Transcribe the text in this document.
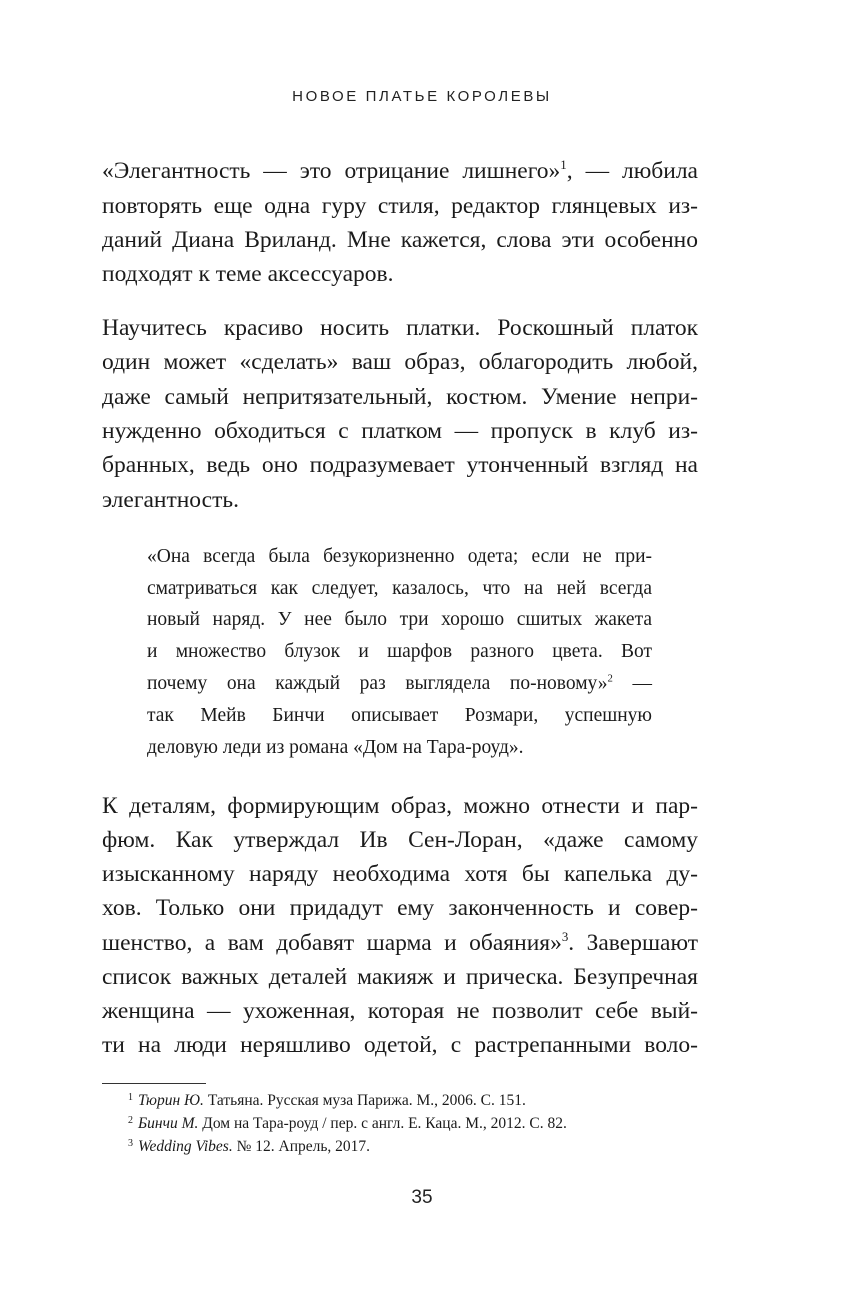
НОВОЕ ПЛАТЬЕ КОРОЛЕВЫ

«Элегантность — это отрицание лишнего»$^1$, — любила

повторять еще одна гуру стиля, редактор глянцевых из-

даний Диана Вриланд. Мне кажется, слова эти особенно

подходят к теме аксессуаров.

Научитесь красиво носить платки. Роскошный платок

один может «сделать» ваш образ, облагородить любой,

даже самый непритязательный, костюм. Умение непри-

нужденно обходиться с платком — пропуск в клуб из-

бранных, ведь оно подразумевает утонченный взгляд на

элегантность.

«Она всегда была безукоризненно одета; если не при-

сматриваться как следует, казалось, что на ней всегда

новый наряд. У нее было три хорошо сшитых жакета

и множество блузок и шарфов разного цвета. Вот

почему она каждый раз выглядела по-новому»$^2$ —

так Мейв Бинчи описывает Розмари, успешную

деловую леди из романа «Дом на Тара-роуд».

К деталям, формирующим образ, можно отнести и пар-

фюм. Как утверждал Ив Сен-Лоран, «даже самому

изысканному наряду необходима хотя бы капелька ду-

хов. Только они придадут ему законченность и совер-

шенство, а вам добавят шарма и обаяния»$^3$. Завершают

список важных деталей макияж и прическа. Безупречная

женщина — ухоженная, которая не позволит себе вый-

ти на люди неряшливо одетой, с растрепанными воло-

$^1$ Тюрин Ю. Татьяна. Русская муза Парижа. М., 2006. С. 151.

$^2$ Бинчи М. Дом на Тара-роуд / пер. с англ. Е. Каца. М., 2012. С. 82.

$^3$ Wedding Vibes. № 12. Апрель, 2017.

35
